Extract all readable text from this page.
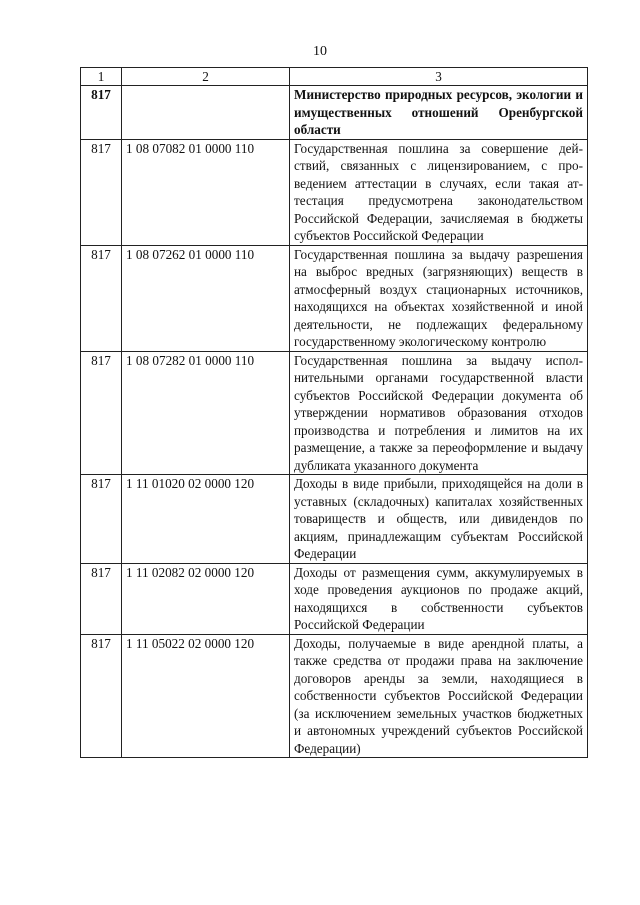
10
1	2	3
817		Министерство природных ресурсов, экологии и имущественных отношений Оренбургской области
817	1 08 07082 01 0000 110	Государственная пошлина за совершение действий, связанных с лицензированием, с проведением аттестации в случаях, если такая аттестация предусмотрена законодательством Российской Федерации, зачисляемая в бюджеты субъектов Российской Федерации
817	1 08 07262 01 0000 110	Государственная пошлина за выдачу разрешения на выброс вредных (загрязняющих) веществ в атмосферный воздух стационарных источников, находящихся на объектах хозяйственной и иной деятельности, не подлежащих федеральному государственному экологическому контролю
817	1 08 07282 01 0000 110	Государственная пошлина за выдачу исполнительными органами государственной власти субъектов Российской Федерации документа об утверждении нормативов образования отходов производства и потребления и лимитов на их размещение, а также за переоформление и выдачу дубликата указанного документа
817	1 11 01020 02 0000 120	Доходы в виде прибыли, приходящейся на доли в уставных (складочных) капиталах хозяйственных товариществ и обществ, или дивидендов по акциям, принадлежащим субъектам Российской Федерации
817	1 11 02082 02 0000 120	Доходы от размещения сумм, аккумулируемых в ходе проведения аукционов по продаже акций, находящихся в собственности субъектов Российской Федерации
817	1 11 05022 02 0000 120	Доходы, получаемые в виде арендной платы, а также средства от продажи права на заключение договоров аренды за земли, находящиеся в собственности субъектов Российской Федерации (за исключением земельных участков бюджетных и автономных учреждений субъектов Российской Федерации)
